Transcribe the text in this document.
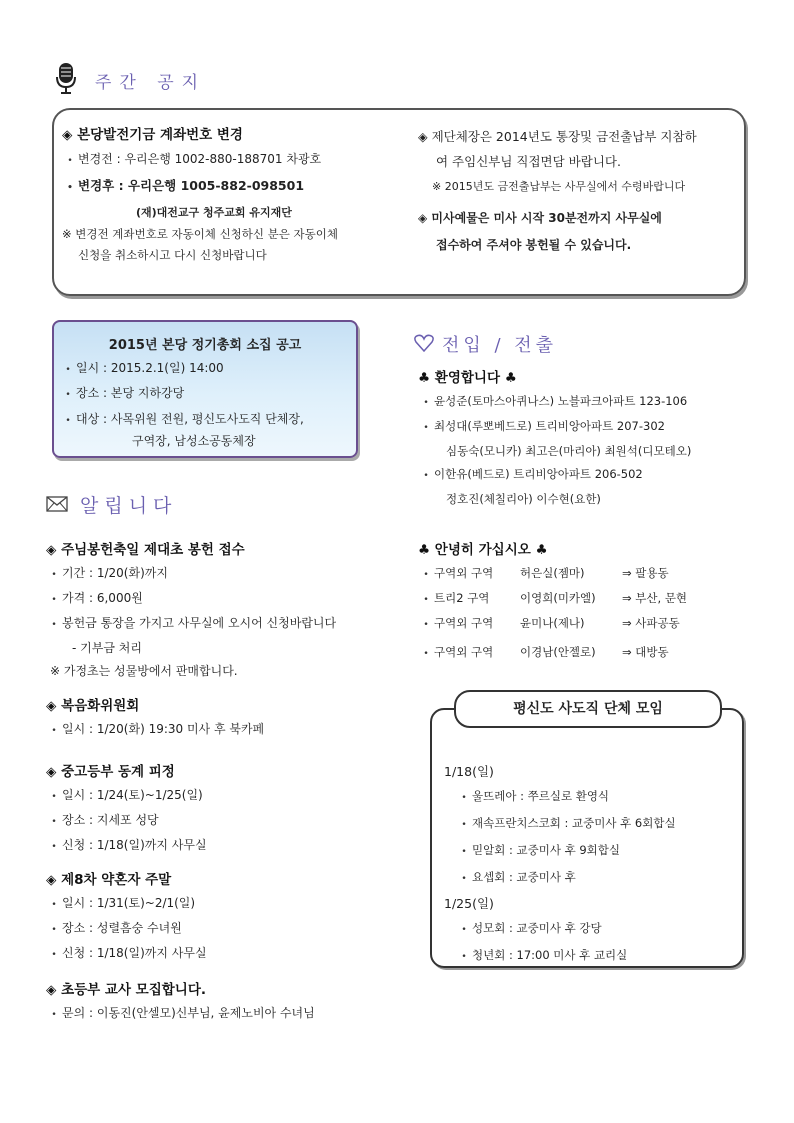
주간 공지
◈ 본당발전기금 계좌번호 변경
• 변경전 : 우리은행 1002-880-188701 차광호
• 변경후 : 우리은행 1005-882-098501
(재)대전교구 청주교회 유지재단
※ 변경전 계좌번호로 자동이체 신청하신 분은 자동이체
신청을 취소하시고 다시 신청바랍니다
◈ 제단체장은 2014년도 통장및 금전출납부 지참하
여 주임신부님 직접면담 바랍니다.
※ 2015년도 금전출납부는 사무실에서 수령바랍니다
◈ 미사예물은 미사 시작 30분전까지 사무실에
접수하여 주셔야 봉헌될 수 있습니다.
2015년 본당 정기총회 소집 공고
• 일시 : 2015.2.1(일) 14:00
• 장소 : 본당 지하강당
• 대상 : 사목위원 전원, 평신도사도직 단체장,
구역장, 남성소공동체장
알립니다
◈ 주님봉헌축일 제대초 봉헌 접수
• 기간 : 1/20(화)까지
• 가격 : 6,000원
• 봉헌금 통장을 가지고 사무실에 오시어 신청바랍니다
- 기부금 처리
※ 가정초는 성물방에서 판매합니다.
◈ 복음화위원회
• 일시 : 1/20(화) 19:30 미사 후 북카페
◈ 중고등부 동계 피정
• 일시 : 1/24(토)~1/25(일)
• 장소 : 지세포 성당
• 신청 : 1/18(일)까지 사무실
◈ 제8차 약혼자 주말
• 일시 : 1/31(토)~2/1(일)
• 장소 : 성렬흠숭 수녀원
• 신청 : 1/18(일)까지 사무실
◈ 초등부 교사 모집합니다.
• 문의 : 이동진(안셀모)신부님, 윤제노비아 수녀님
전입 / 전출
♣ 환영합니다 ♣
• 윤성준(토마스아퀴나스) 노블파크아파트 123-106
• 최성대(루뽀베드로) 트리비앙아파트 207-302
심동숙(모니카) 최고은(마리아) 최원석(디모테오)
• 이한유(베드로) 트리비앙아파트 206-502
정호진(체칠리아) 이수현(요한)
♣ 안녕히 가십시오 ♣
• 구역외 구역 허은실(젬마)	⇒ 팔용동
• 트리2 구역	이영희(미카엘) ⇒ 부산, 문현
• 구역외 구역 윤미나(제나)	⇒ 사파공동
• 구역외 구역 이경남(안젤로) ⇒ 대방동
평신도 사도직 단체 모임
1/18(일)
• 울뜨레아 : 쭈르실로 환영식
• 재속프란치스코회 : 교중미사 후 6회합실
• 믿알회 : 교중미사 후 9회합실
• 요셉회 : 교중미사 후
1/25(일)
• 성모회 : 교중미사 후 강당
• 청년회 : 17:00 미사 후 교리실
